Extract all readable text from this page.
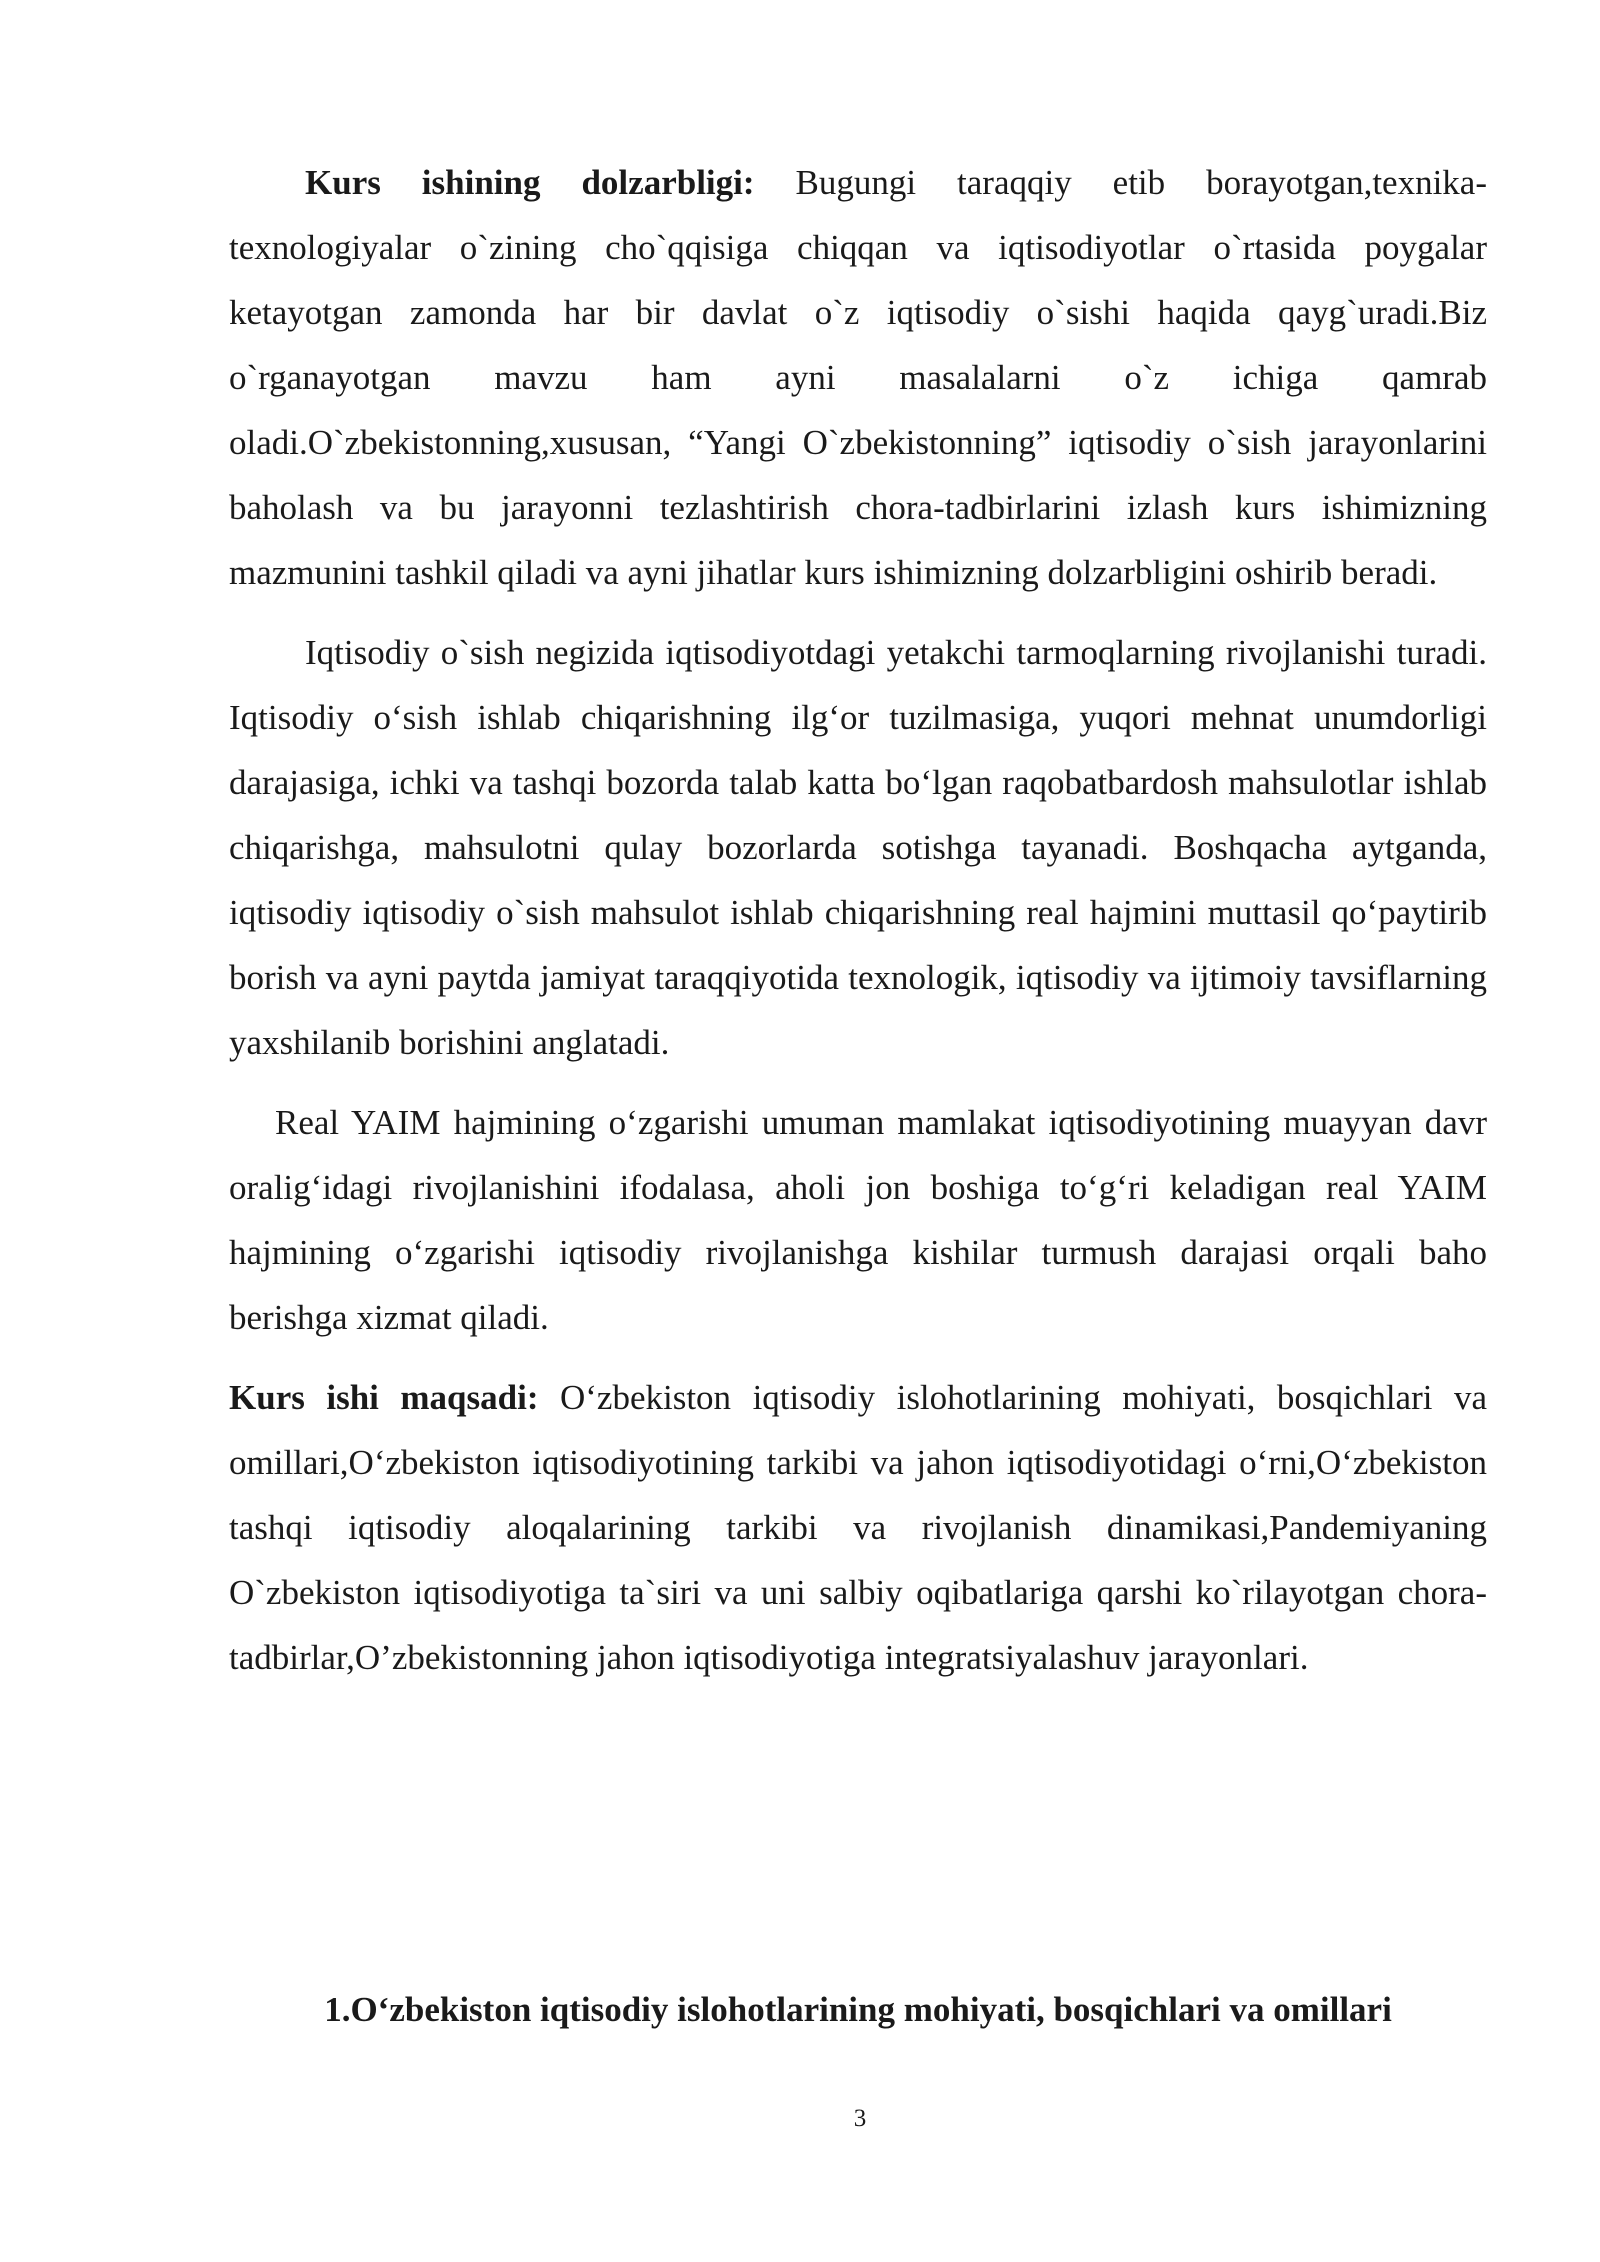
Kurs ishining dolzarbligi: Bugungi taraqqiy etib borayotgan,texnika-texnologiyalar o`zining cho`qqisiga chiqqan va iqtisodiyotlar o`rtasida poygalar ketayotgan zamonda har bir davlat o`z iqtisodiy o`sishi haqida qayg`uradi.Biz o`rganayotgan mavzu ham ayni masalalarni o`z ichiga qamrab oladi.O`zbekistonning,xususan, “Yangi O`zbekistonning” iqtisodiy o`sish jarayonlarini baholash va bu jarayonni tezlashtirish chora-tadbirlarini izlash kurs ishimizning mazmunini tashkil qiladi va ayni jihatlar kurs ishimizning dolzarbligini oshirib beradi.

Iqtisodiy o`sish negizida iqtisodiyotdagi yetakchi tarmoqlarning rivojlanishi turadi. Iqtisodiy o‘sish ishlab chiqarishning ilg‘or tuzilmasiga, yuqori mehnat unumdorligi darajasiga, ichki va tashqi bozorda talab katta bo‘lgan raqobatbardosh mahsulotlar ishlab chiqarishga, mahsulotni qulay bozorlarda sotishga tayanadi. Boshqacha aytganda, iqtisodiy iqtisodiy o`sish mahsulot ishlab chiqarishning real hajmini muttasil qo‘paytirib borish va ayni paytda jamiyat taraqqiyotida texnologik, iqtisodiy va ijtimoiy tavsiflarning yaxshilanib borishini anglatadi.

Real YAIM hajmining o‘zgarishi umuman mamlakat iqtisodiyotining muayyan davr oralig‘idagi rivojlanishini ifodalasa, aholi jon boshiga to‘g‘ri keladigan real YAIM hajmining o‘zgarishi iqtisodiy rivojlanishga kishilar turmush darajasi orqali baho berishga xizmat qiladi.

Kurs ishi maqsadi: O‘zbekiston iqtisodiy islohotlarining mohiyati, bosqichlari va omillari,O‘zbekiston iqtisodiyotining tarkibi va jahon iqtisodiyotidagi o‘rni,O‘zbekiston tashqi iqtisodiy aloqalarining tarkibi va rivojlanish dinamikasi,Pandemiyaning O`zbekiston iqtisodiyotiga ta`siri va uni salbiy oqibatlariga qarshi ko`rilayotgan chora-tadbirlar,O’zbekistonning jahon iqtisodiyotiga integratsiyalashuv jarayonlari.

1.O‘zbekiston iqtisodiy islohotlarining mohiyati, bosqichlari va omillari
3
